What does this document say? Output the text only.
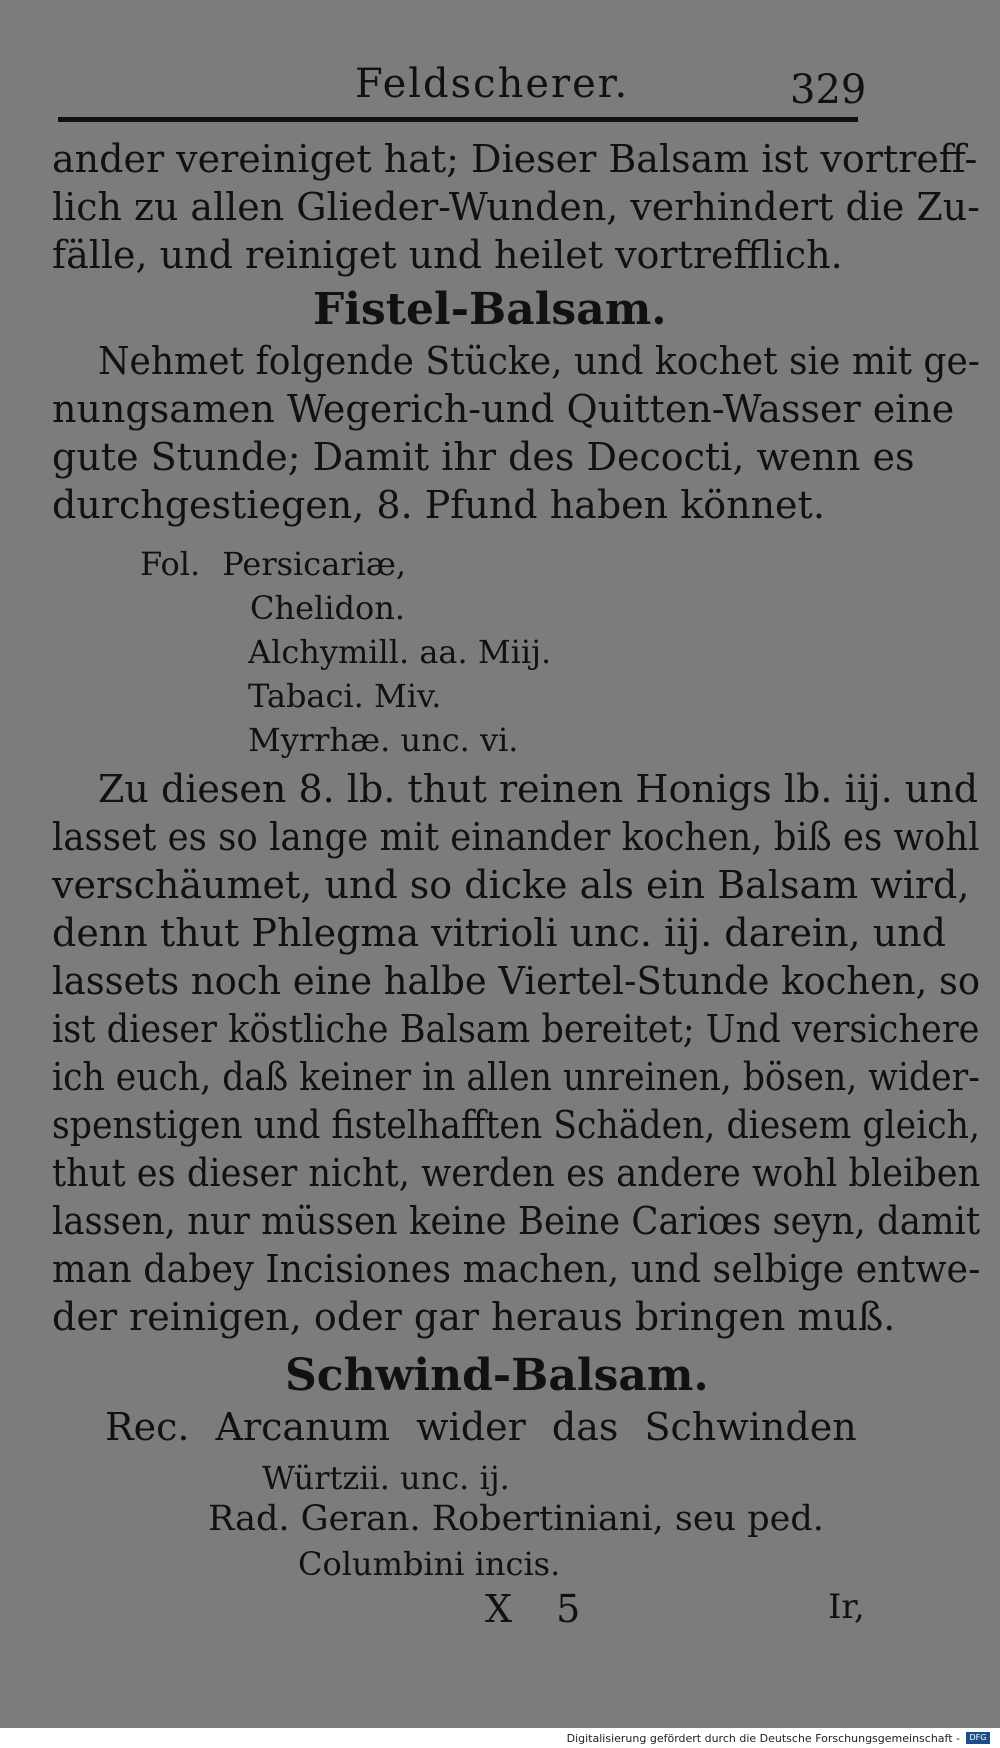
Feldscherer.	329
ander vereiniget hat; Dieser Balsam ist vortreff-
lich zu allen Glieder-Wunden, verhindert die Zu-
fälle, und reiniget und heilet vortrefflich.
Fistel-Balsam.
Nehmet folgende Stücke, und kochet sie mit ge-
nungsamen Wegerich-und Quitten-Wasser eine
gute Stunde; Damit ihr des Decocti, wenn es
durchgestiegen, 8. Pfund haben könnet.
Fol. Persicariæ,
Chelidon.
Alchymill. aa. Miij.
Tabaci. Miv.
Myrrhæ. unc. vi.
Zu diesen 8. lb. thut reinen Honigs lb. iij. und
lasset es so lange mit einander kochen, biß es wohl
verschäumet, und so dicke als ein Balsam wird,
denn thut Phlegma vitrioli unc. iij. darein, und
lassets noch eine halbe Viertel-Stunde kochen, so
ist dieser köstliche Balsam bereitet; Und versichere
ich euch, daß keiner in allen unreinen, bösen, wider-
spenstigen und fistelhafften Schäden, diesem gleich,
thut es dieser nicht, werden es andere wohl bleiben
lassen, nur müssen keine Beine Cariœs seyn, damit
man dabey Incisiones machen, und selbige entwe-
der reinigen, oder gar heraus bringen muß.
Schwind-Balsam.
Rec. Arcanum wider das Schwinden
Würtzii. unc. ij.
Rad. Geran. Robertiniani, seu ped.
Columbini incis.
X 5	Ir,
Digitalisierung gefördert durch die Deutsche Forschungsgemeinschaft -	DFG
